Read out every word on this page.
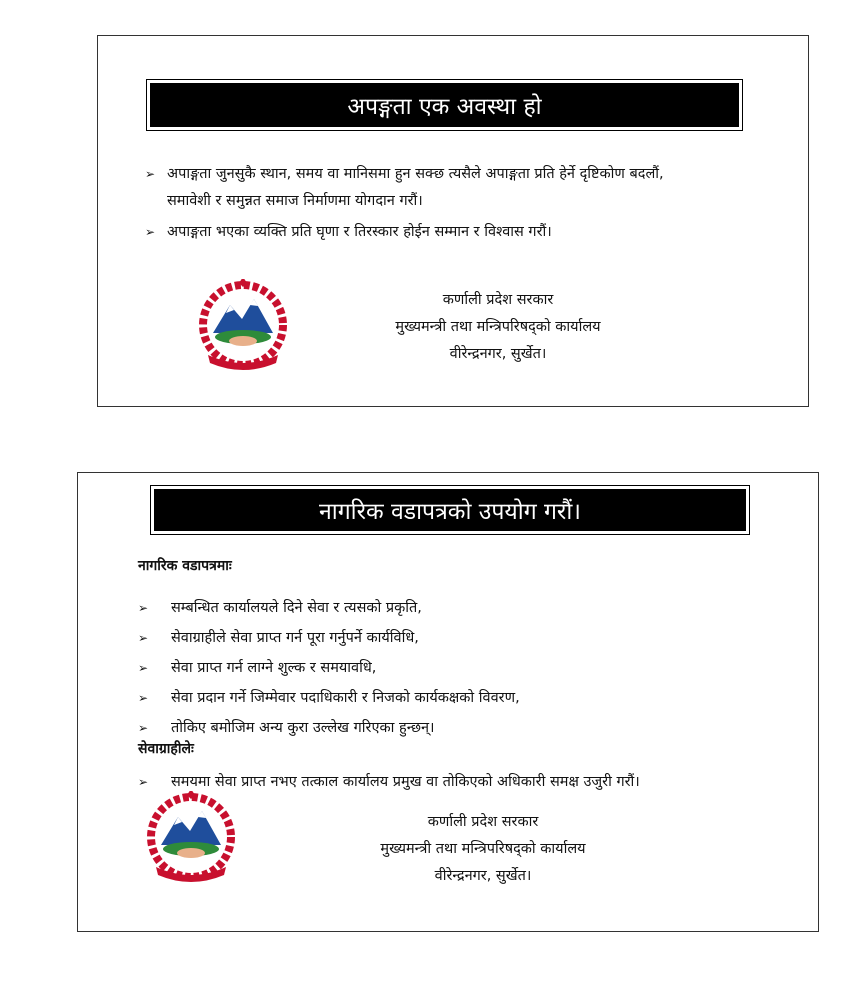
अपङ्गता एक अवस्था हो
➢ अपाङ्गता जुनसुकै स्थान, समय वा मानिसमा हुन सक्छ त्यसैले अपाङ्गता प्रति हेर्ने दृष्टिकोण बदलौं,
समावेशी र समुन्नत समाज निर्माणमा योगदान गरौं।
➢ अपाङ्गता भएका व्यक्ति प्रति घृणा र तिरस्कार होईन सम्मान र विश्वास गरौं।
कर्णाली प्रदेश सरकार
मुख्यमन्त्री तथा मन्त्रिपरिषद्को कार्यालय
वीरेन्द्रनगर, सुर्खेत।
नागरिक वडापत्रको उपयोग गरौं।
नागरिक वडापत्रमाः
➢ सम्बन्धित कार्यालयले दिने सेवा र त्यसको प्रकृति,
➢ सेवाग्राहीले सेवा प्राप्त गर्न पूरा गर्नुपर्ने कार्यविधि,
➢ सेवा प्राप्त गर्न लाग्ने शुल्क र समयावधि,
➢ सेवा प्रदान गर्ने जिम्मेवार पदाधिकारी र निजको कार्यकक्षको विवरण,
➢ तोकिए बमोजिम अन्य कुरा उल्लेख गरिएका हुन्छन्।
सेवाग्राहीलेः
➢ समयमा सेवा प्राप्त नभए तत्काल कार्यालय प्रमुख वा तोकिएको अधिकारी समक्ष उजुरी गरौं।
कर्णाली प्रदेश सरकार
मुख्यमन्त्री तथा मन्त्रिपरिषद्को कार्यालय
वीरेन्द्रनगर, सुर्खेत।
